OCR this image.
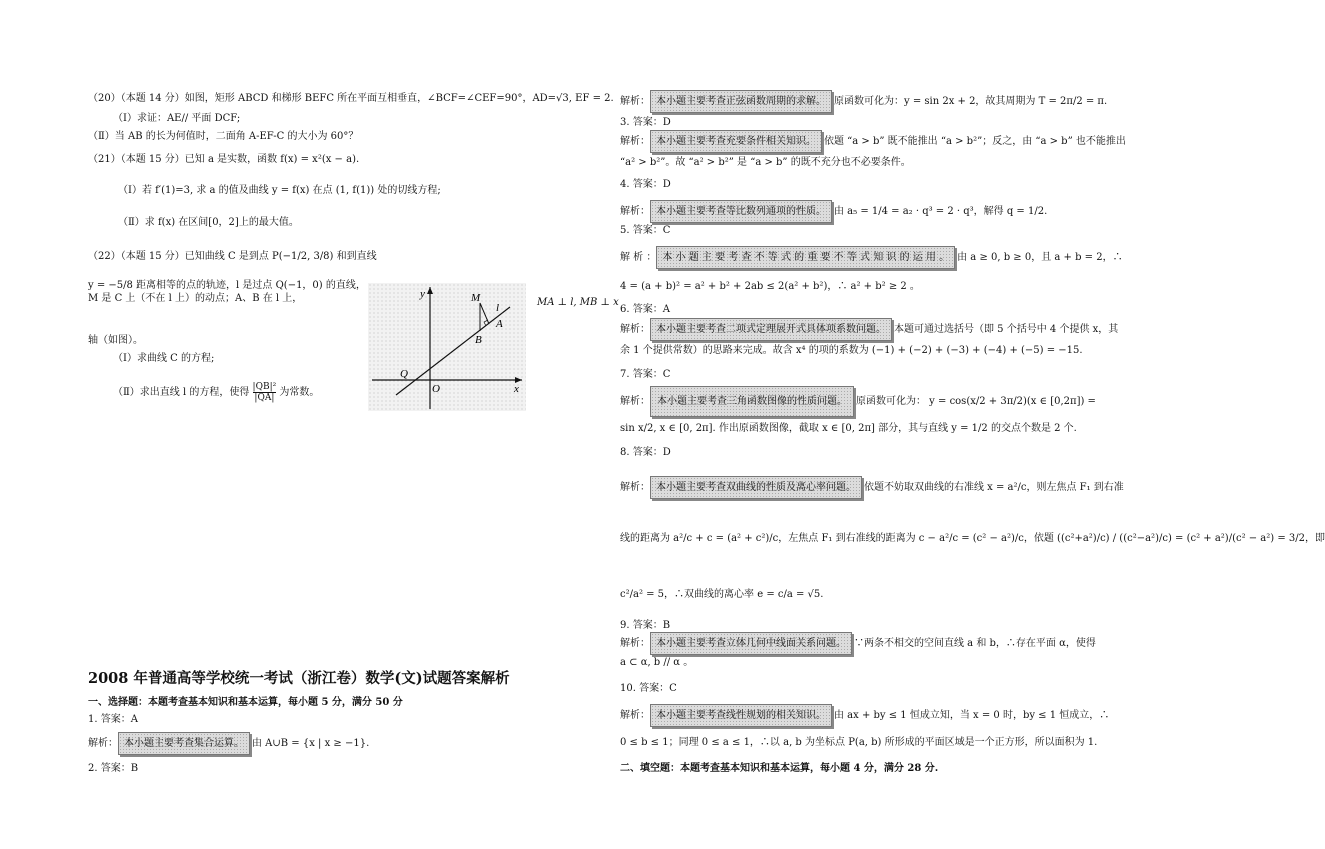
（20）（本题 14 分）如图，矩形 ABCD 和梯形 BEFC 所在平面互相垂直，∠BCF=∠CEF=90°，AD=√3, EF = 2.
（Ⅰ）求证：AE// 平面 DCF;
（Ⅱ）当 AB 的长为何值时，二面角 A-EF-C 的大小为 60°？
（21）（本题 15 分）已知 a 是实数，函数 f(x) = x²(x − a).
（Ⅰ）若 f′(1)=3, 求 a 的值及曲线 y = f(x) 在点 (1, f(1)) 处的切线方程;
（Ⅱ）求 f(x) 在区间[0，2]上的最大值。
（22）（本题 15 分）已知曲线 C 是到点 P(−1/2, 3/8) 和到直线
y = −5/8 距离相等的点的轨迹，l 是过点 Q(−1，0) 的直线，
M 是 C 上（不在 l 上）的动点；A、B 在 l 上，	MA ⊥ l, MB ⊥ x
轴（如图）。
（Ⅰ）求曲线 C 的方程;
（Ⅱ）求出直线 l 的方程，使得 $\frac{\text{|QB|²}}{|QA|}$ 为常数。
y
x
O
Q
M
l
A
B
2008 年普通高等学校统一考试（浙江卷）数学(文)试题答案解析
一、选择题：本题考查基本知识和基本运算，每小题 5 分，满分 50 分
1. 答案：A
解析： 本小题主要考查集合运算。 由 A∪B = {x | x ≥ −1}.
2. 答案：B
解析： 本小题主要考查正弦函数周期的求解。 原函数可化为：y = sin 2x + 2，故其周期为 T = 2π/2 = π.
3. 答案：D
解析： 本小题主要考查充要条件相关知识。 依题 “a > b” 既不能推出 “a > b²”；反之，由 “a > b” 也不能推出
“a² > b²”。故 “a² > b²” 是 “a > b” 的既不充分也不必要条件。
4. 答案：D
解析： 本小题主要考查等比数列通项的性质。 由 a₅ = 1/4 = a₂ · q³ = 2 · q³，解得 q = 1/2.
5. 答案：C
解 析 ： 本 小 题 主 要 考 查 不 等 式 的 重 要 不 等 式 知 识 的 运 用 。 由 a ≥ 0, b ≥ 0，且 a + b = 2，∴
4 = (a + b)² = a² + b² + 2ab ≤ 2(a² + b²)，∴ a² + b² ≥ 2 。
6. 答案：A
解析： 本小题主要考查二项式定理展开式具体项系数问题。 本题可通过选括号（即 5 个括号中 4 个提供 x，其
余 1 个提供常数）的思路来完成。故含 x⁴ 的项的系数为 (−1) + (−2) + (−3) + (−4) + (−5) = −15.
7. 答案：C
解析： 本小题主要考查三角函数图像的性质问题。 原函数可化为： y = cos(x/2 + 3π/2)(x ∈ [0,2π]) =
sin x/2, x ∈ [0, 2π]. 作出原函数图像，截取 x ∈ [0, 2π] 部分，其与直线 y = 1/2 的交点个数是 2 个.
8. 答案：D
解析： 本小题主要考查双曲线的性质及离心率问题。 依题不妨取双曲线的右准线 x = a²/c，则左焦点 F₁ 到右准
线的距离为 a²/c + c = (a² + c²)/c，左焦点 F₁ 到右准线的距离为 c − a²/c = (c² − a²)/c，依题 ((c²+a²)/c) / ((c²−a²)/c) = (c² + a²)/(c² − a²) = 3/2，即
c²/a² = 5，∴双曲线的离心率 e = c/a = √5.
9. 答案：B
解析： 本小题主要考查立体几何中线面关系问题。 ∵两条不相交的空间直线 a 和 b，∴存在平面 α，使得
a ⊂ α, b // α 。
10. 答案：C
解析： 本小题主要考查线性规划的相关知识。 由 ax + by ≤ 1 恒成立知，当 x = 0 时，by ≤ 1 恒成立，∴
0 ≤ b ≤ 1；同理 0 ≤ a ≤ 1，∴以 a, b 为坐标点 P(a, b) 所形成的平面区域是一个正方形，所以面积为 1.
二、填空题：本题考查基本知识和基本运算，每小题 4 分，满分 28 分.
